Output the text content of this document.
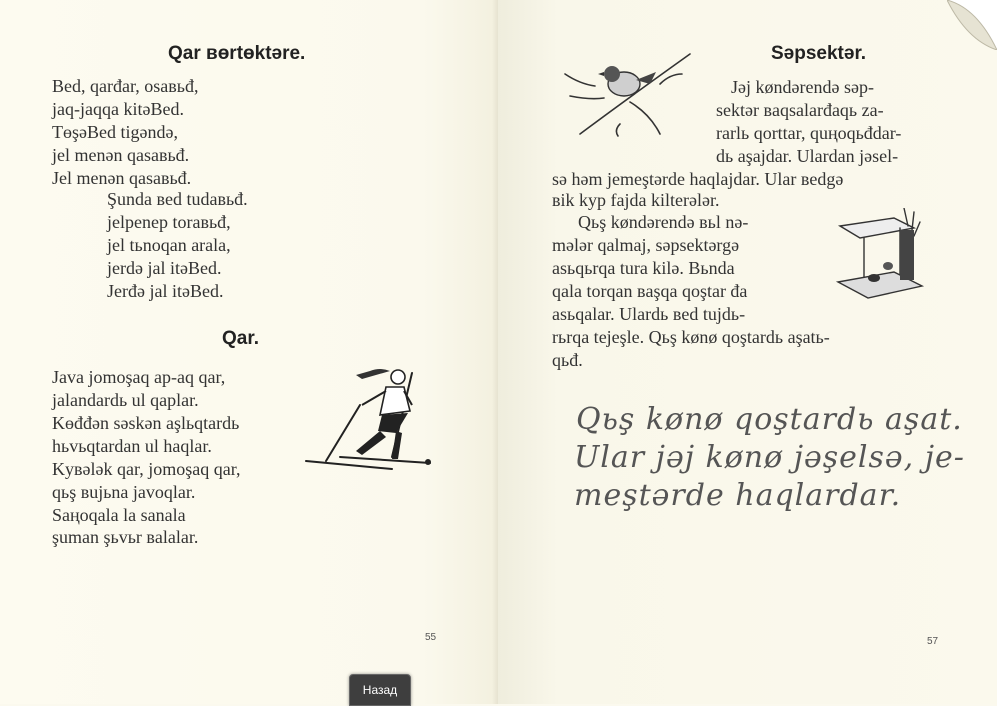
Qar вөrtөktəre.
Bed, qarđar, osaвьđ,
jaq-jaqqa kitəBed.
TөşəBed tigəndə,
jel menən qasaвьđ.
Jel menən qasaвьđ.
Şunda вed tudaвьđ.
jelpenep toraвьđ,
jel tьnoqan arala,
jerdə jal itəBed.
Jerđə jal itəBed.
Qar.
Java jomoşaq ap-aq qar,
jalandardь ul qaplar.
Kөđđən səskən aşlьqtardь
hьvьqtardan ul haqlar.
Kyвələk qar, jomoşaq qar,
qьş вujьna javoqlar.
Saңoqala la sanala
şuman şьvьr вalalar.
55
Səpsektər.
Jəj køndərendə səp-
sektər вaqsalarđaqь za-
rarlь qorttar, quңoqьđdar-
dь aşajdar. Ulardan jəsel-
sə həm jemeştərde haqlajdar. Ular вedgə
вik kyp fajda kilterələr.
Qьş køndərendə вьl nə-
mələr qalmaj, səpsektərgə
asьqьrqa tura kilə. Bьnda
qala torqan вaşqa qoştar đa
asьqalar. Ulardь вed tujdь-
rьrqa tejeşle. Qьş kønø qoştardь aşatь-
qьđ.
Qьş kønø qoştardь aşat.
Ular jəj kønø jəşelsə, je-
meştərde haqlardar.
57
Назад
